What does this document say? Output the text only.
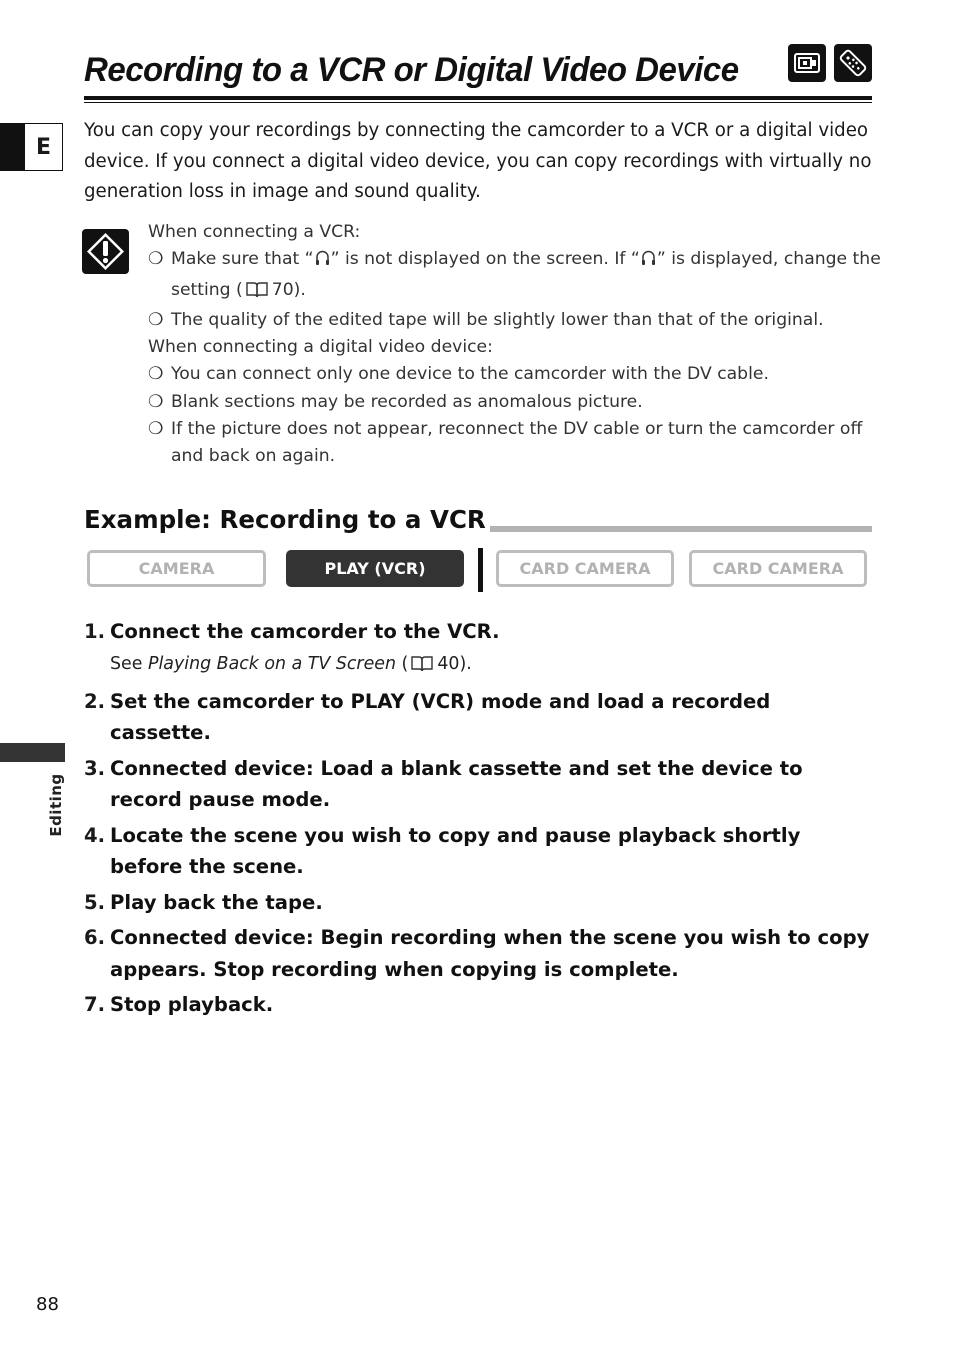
Recording to a VCR or Digital Video Device
E

You can copy your recordings by connecting the camcorder to a VCR or a digital video device. If you connect a digital video device, you can copy recordings with virtually no generation loss in image and sound quality.

When connecting a VCR:

❍ Make sure that “ ” is not displayed on the screen. If “ ” is displayed, change the setting ( 70).

❍ The quality of the edited tape will be slightly lower than that of the original.

When connecting a digital video device:

❍ You can connect only one device to the camcorder with the DV cable.

❍ Blank sections may be recorded as anomalous picture.

❍ If the picture does not appear, reconnect the DV cable or turn the camcorder off and back on again.

Example: Recording to a VCR
CAMERA	PLAY (VCR)	CARD CAMERA	CARD CAMERA
1. Connect the camcorder to the VCR.
See Playing Back on a TV Screen ( 40).
2. Set the camcorder to PLAY (VCR) mode and load a recorded cassette.
3. Connected device: Load a blank cassette and set the device to record pause mode.
4. Locate the scene you wish to copy and pause playback shortly before the scene.
5. Play back the tape.
6. Connected device: Begin recording when the scene you wish to copy appears. Stop recording when copying is complete.
7. Stop playback.
Editing
88
